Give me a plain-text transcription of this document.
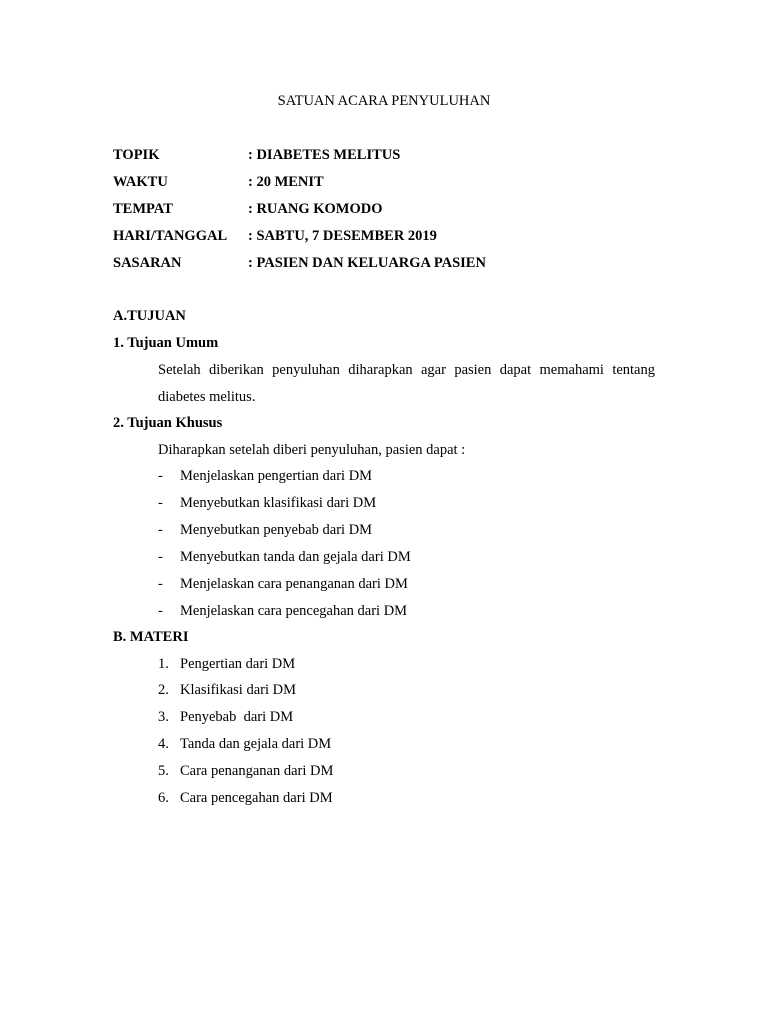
SATUAN ACARA PENYULUHAN
TOPIK	: DIABETES MELITUS
WAKTU	: 20 MENIT
TEMPAT	: RUANG KOMODO
HARI/TANGGAL : SABTU, 7 DESEMBER 2019
SASARAN	: PASIEN DAN KELUARGA PASIEN
A.TUJUAN
1. Tujuan Umum
Setelah diberikan penyuluhan diharapkan agar pasien dapat memahami tentang
diabetes melitus.
2. Tujuan Khusus
Diharapkan setelah diberi penyuluhan, pasien dapat :
- Menjelaskan pengertian dari DM
- Menyebutkan klasifikasi dari DM
- Menyebutkan penyebab dari DM
- Menyebutkan tanda dan gejala dari DM
- Menjelaskan cara penanganan dari DM
- Menjelaskan cara pencegahan dari DM
B. MATERI
1. Pengertian dari DM
2. Klasifikasi dari DM
3. Penyebab  dari DM
4. Tanda dan gejala dari DM
5. Cara penanganan dari DM
6. Cara pencegahan dari DM
